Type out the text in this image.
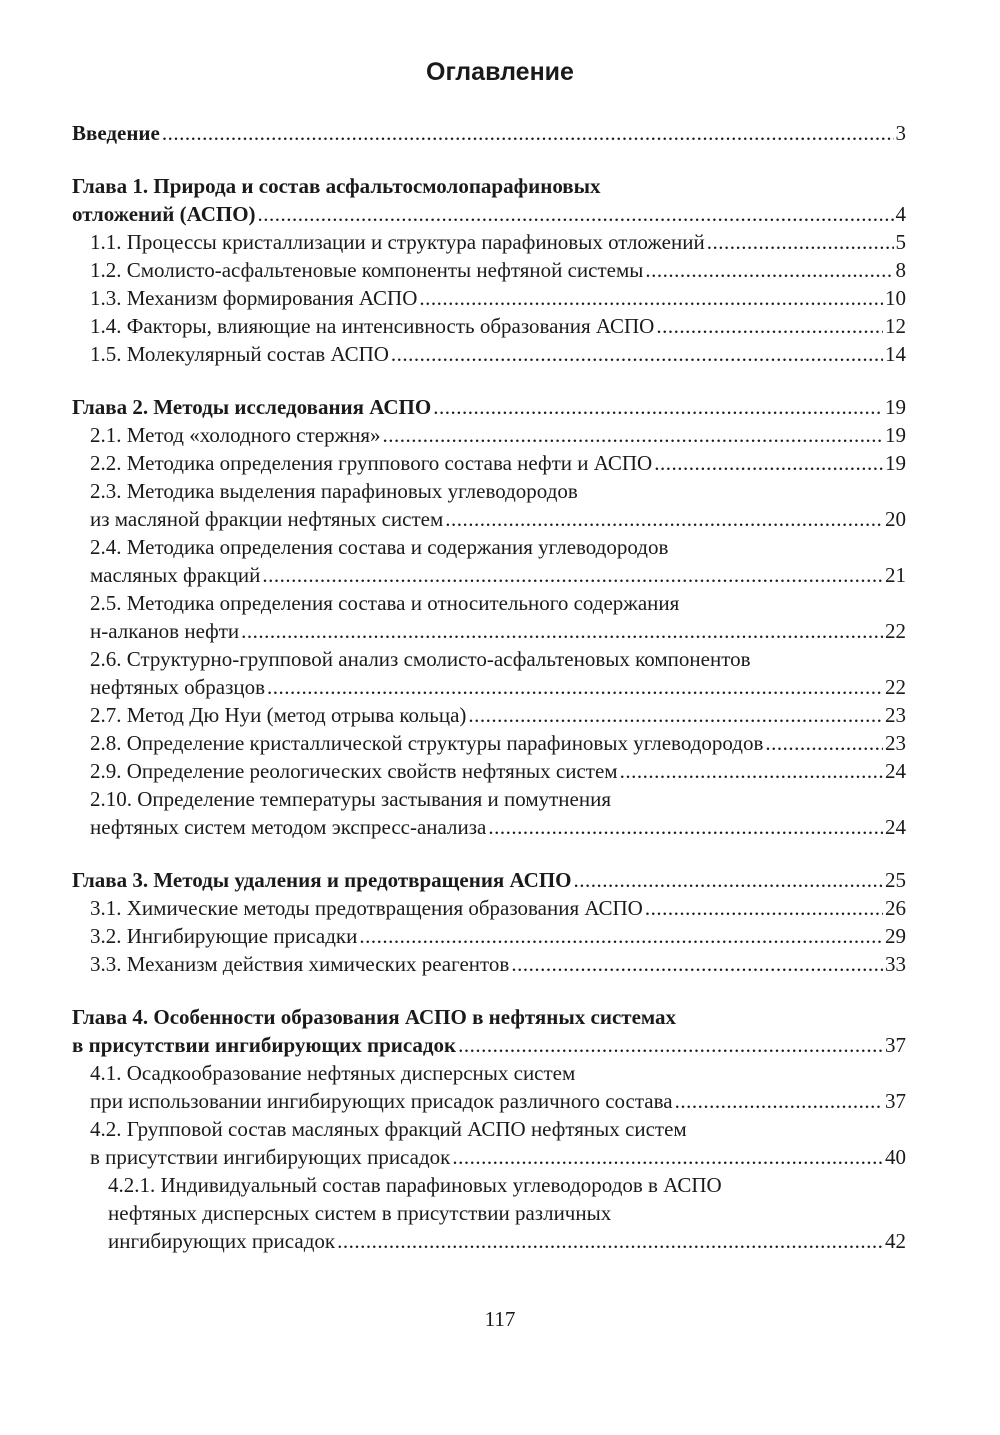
Оглавление
Введение .....	3
Глава 1. Природа и состав асфальтосмолопарафиновых
отложений (АСПО) .....	4
1.1. Процессы кристаллизации и структура парафиновых отложений .....	5
1.2. Смолисто-асфальтеновые компоненты нефтяной системы .....	8
1.3. Механизм формирования АСПО .....	10
1.4. Факторы, влияющие на интенсивность образования АСПО .....	12
1.5. Молекулярный состав АСПО .....	14
Глава 2. Методы исследования АСПО .....	19
2.1. Метод «холодного стержня» .....	19
2.2. Методика определения группового состава нефти и АСПО .....	19
2.3. Методика выделения парафиновых углеводородов
из масляной фракции нефтяных систем .....	20
2.4. Методика определения состава и содержания углеводородов
масляных фракций .....	21
2.5. Методика определения состава и относительного содержания
н-алканов нефти .....	22
2.6. Структурно-групповой анализ смолисто-асфальтеновых компонентов
нефтяных образцов .....	22
2.7. Метод Дю Нуи (метод отрыва кольца) .....	23
2.8. Определение кристаллической структуры парафиновых углеводородов .....	23
2.9. Определение реологических свойств нефтяных систем .....	24
2.10. Определение температуры застывания и помутнения
нефтяных систем методом экспресс-анализа .....	24
Глава 3. Методы удаления и предотвращения АСПО .....	25
3.1. Химические методы предотвращения образования АСПО .....	26
3.2. Ингибирующие присадки .....	29
3.3. Механизм действия химических реагентов .....	33
Глава 4. Особенности образования АСПО в нефтяных системах
в присутствии ингибирующих присадок .....	37
4.1. Осадкообразование нефтяных дисперсных систем
при использовании ингибирующих присадок различного состава .....	37
4.2. Групповой состав масляных фракций АСПО нефтяных систем
в присутствии ингибирующих присадок .....	40
4.2.1. Индивидуальный состав парафиновых углеводородов в АСПО
нефтяных дисперсных систем в присутствии различных
ингибирующих присадок .....	42
117
